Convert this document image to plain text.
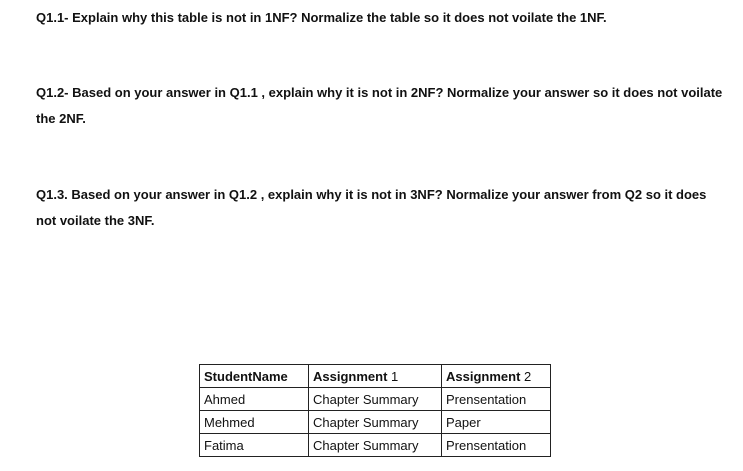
Q1.1- Explain why this table is not in 1NF? Normalize the table so it does not voilate the 1NF.

Q1.2- Based on your answer in Q1.1 , explain why it is not in 2NF? Normalize your answer so it does not voilate the 2NF.

Q1.3. Based on your answer in Q1.2 , explain why it is not in 3NF? Normalize your answer from Q2 so it does not voilate the 3NF.

StudentName	Assignment 1	Assignment 2
Ahmed	Chapter Summary	Prensentation
Mehmed	Chapter Summary	Paper
Fatima	Chapter Summary	Prensentation
